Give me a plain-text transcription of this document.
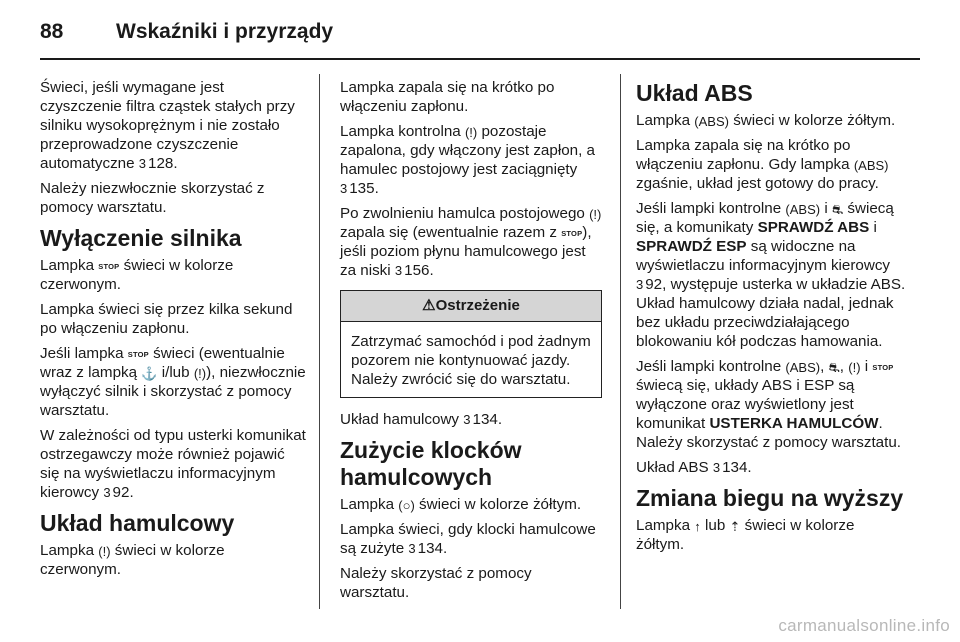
88	Wskaźniki i przyrządy

Świeci, jeśli wymagane jest czyszczenie filtra cząstek stałych przy silniku wysokoprężnym i nie zostało przeprowadzone czyszczenie automatyczne 3 128.

Należy niezwłocznie skorzystać z pomocy warsztatu.

Wyłączenie silnika

Lampka STOP świeci w kolorze czerwonym.

Lampka świeci się przez kilka sekund po włączeniu zapłonu.

Jeśli lampka STOP świeci (ewentualnie wraz z lampką ⚓ i/lub (!)), niezwłocznie wyłączyć silnik i skorzystać z pomocy warsztatu.

W zależności od typu usterki komunikat ostrzegawczy może również pojawić się na wyświetlaczu informacyjnym kierowcy 3 92.

Układ hamulcowy

Lampka (!) świeci w kolorze czerwonym.

Lampka zapala się na krótko po włączeniu zapłonu.

Lampka kontrolna (!) pozostaje zapalona, gdy włączony jest zapłon, a hamulec postojowy jest zaciągnięty 3 135.

Po zwolnieniu hamulca postojowego (!) zapala się (ewentualnie razem z STOP), jeśli poziom płynu hamulcowego jest za niski 3 156.

⚠Ostrzeżenie
Zatrzymać samochód i pod żadnym pozorem nie kontynuować jazdy. Należy zwrócić się do warsztatu.

Układ hamulcowy 3 134.

Zużycie klocków hamulcowych

Lampka (○) świeci w kolorze żółtym.

Lampka świeci, gdy klocki hamulcowe są zużyte 3 134.

Należy skorzystać z pomocy warsztatu.

Układ ABS

Lampka (ABS) świeci w kolorze żółtym.

Lampka zapala się na krótko po włączeniu zapłonu. Gdy lampka (ABS) zgaśnie, układ jest gotowy do pracy.

Jeśli lampki kontrolne (ABS) i ⛐ świecą się, a komunikaty SPRAWDŹ ABS i SPRAWDŹ ESP są widoczne na wyświetlaczu informacyjnym kierowcy 3 92, występuje usterka w układzie ABS. Układ hamulcowy działa nadal, jednak bez układu przeciwdziałającego blokowaniu kół podczas hamowania.

Jeśli lampki kontrolne (ABS), ⛐, (!) i STOP świecą się, układy ABS i ESP są wyłączone oraz wyświetlony jest komunikat USTERKA HAMULCÓW. Należy skorzystać z pomocy warsztatu.

Układ ABS 3 134.

Zmiana biegu na wyższy

Lampka ↑ lub ⇡ świeci w kolorze żółtym.

carmanualsonline.info
